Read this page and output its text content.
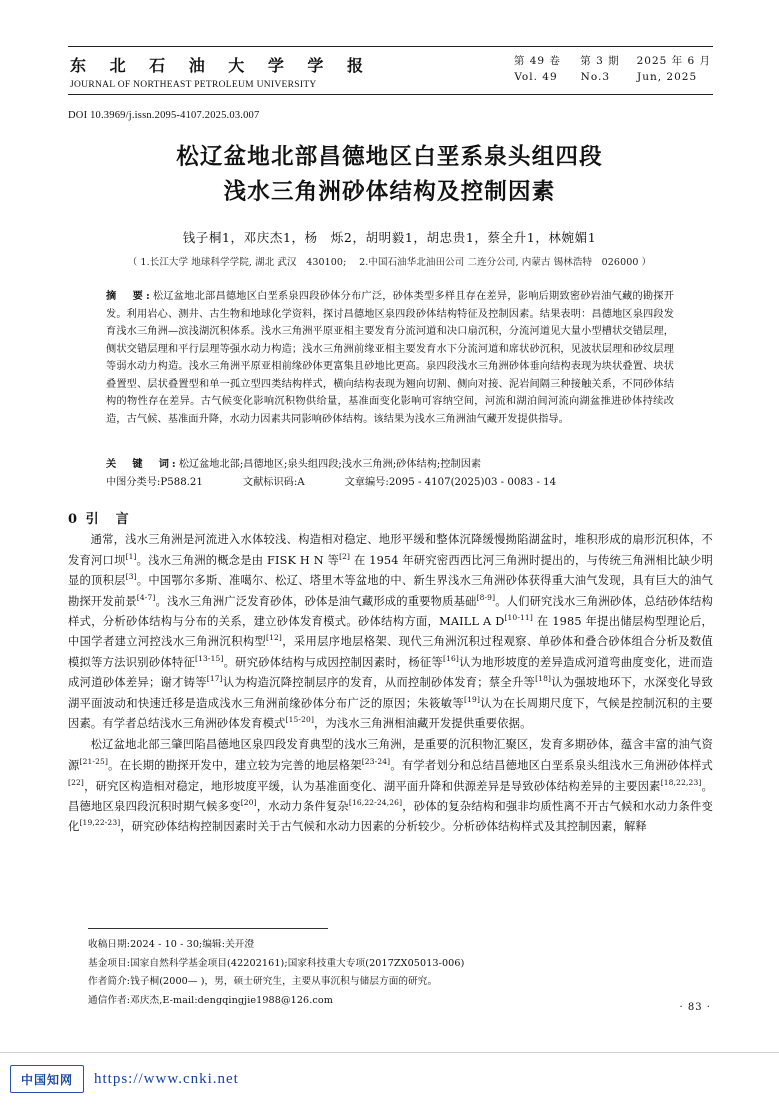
东 北 石 油 大 学 学 报
JOURNAL OF NORTHEAST PETROLEUM UNIVERSITY
第 49 卷 第 3 期 2025 年 6 月
Vol. 49 No.3	Jun, 2025
DOI 10.3969/j.issn.2095-4107.2025.03.007
松辽盆地北部昌德地区白垩系泉头组四段
浅水三角洲砂体结构及控制因素
钱子桐1，邓庆杰1，杨　烁2，胡明毅1，胡忠贵1，蔡全升1，林婉媚1
（ 1.长江大学 地球科学学院, 湖北 武汉　430100;　 2.中国石油华北油田公司 二连分公司, 内蒙古 锡林浩特　026000 ）
摘　要:松辽盆地北部昌德地区白垩系泉四段砂体分布广泛，砂体类型多样且存在差异，影响后期致密砂岩油气藏的勘探开发。利用岩心、测井、古生物和地球化学资料，探讨昌德地区泉四段砂体结构特征及控制因素。结果表明：昌德地区泉四段发育浅水三角洲—滨浅湖沉积体系。浅水三角洲平原亚相主要发育分流河道和决口扇沉积，分流河道见大量小型槽状交错层理，侧状交错层理和平行层理等强水动力构造；浅水三角洲前缘亚相主要发育水下分流河道和席状砂沉积，见波状层理和砂纹层理等弱水动力构造。浅水三角洲平原亚相前缘砂体更富集且砂地比更高。泉四段浅水三角洲砂体垂向结构表现为块状叠置、块状叠置型、层状叠置型和单一孤立型四类结构样式，横向结构表现为翘向切割、侧向对接、泥岩间隔三种接触关系，不同砂体结构的物性存在差异。古气候变化影响沉积物供给量，基准面变化影响可容纳空间，河流和湖泊间河流向湖盆推进砂体持续改造，古气候、基准面升降，水动力因素共同影响砂体结构。该结果为浅水三角洲油气藏开发提供指导。
关　键　词:松辽盆地北部;昌德地区;泉头组四段;浅水三角洲;砂体结构;控制因素
中图分类号:P588.21	文献标识码:A	文章编号:2095 - 4107(2025)03 - 0083 - 14
0 引　言

通常，浅水三角洲是河流进入水体较浅、构造相对稳定、地形平缓和整体沉降缓慢拗陷湖盆时，堆积形成的扇形沉积体，不发育河口坝[1]。浅水三角洲的概念是由 FISK H N 等[2] 在 1954 年研究密西西比河三角洲时提出的，与传统三角洲相比缺少明显的顶积层[3]。中国鄂尔多斯、准噶尔、松辽、塔里木等盆地的中、新生界浅水三角洲砂体获得重大油气发现，具有巨大的油气勘探开发前景[4-7]。浅水三角洲广泛发育砂体，砂体是油气藏形成的重要物质基础[8-9]。人们研究浅水三角洲砂体，总结砂体结构样式，分析砂体结构与分布的关系，建立砂体发育模式。砂体结构方面，MAILL A D[10-11] 在 1985 年提出储层构型理论后，中国学者建立河控浅水三角洲沉积构型[12]，采用层序地层格架、现代三角洲沉积过程观察、单砂体和叠合砂体组合分析及数值模拟等方法识别砂体特征[13-15]。研究砂体结构与成因控制因素时，杨征等[16]认为地形坡度的差异造成河道弯曲度变化，进而造成河道砂体差异；谢才铸等[17]认为构造沉降控制层序的发育，从而控制砂体发育；蔡全升等[18]认为强坡地环下，水深变化导致湖平面波动和快速迁移是造成浅水三角洲前缘砂体分布广泛的原因；朱筱敏等[19]认为在长周期尺度下，气候是控制沉积的主要因素。有学者总结浅水三角洲砂体发育模式[15-20]，为浅水三角洲相油藏开发提供重要依据。

松辽盆地北部三肇凹陷昌德地区泉四段发育典型的浅水三角洲，是重要的沉积物汇聚区，发育多期砂体，蕴含丰富的油气资源[21-25]。在长期的勘探开发中，建立较为完善的地层格架[23-24]。有学者划分和总结昌德地区白垩系泉头组浅水三角洲砂体样式[22]，研究区构造相对稳定，地形坡度平缓，认为基准面变化、湖平面升降和供源差异是导致砂体结构差异的主要因素[18,22,23]。昌德地区泉四段沉积时期气候多变[20]，水动力条件复杂[16,22-24,26]，砂体的复杂结构和强非均质性离不开古气候和水动力条件变化[19,22-23]，研究砂体结构控制因素时关于古气候和水动力因素的分析较少。分析砂体结构样式及其控制因素，解释

收稿日期:2024 - 10 - 30;编辑:关开澄
基金项目:国家自然科学基金项目(42202161);国家科技重大专项(2017ZX05013-006)
作者简介:钱子桐(2000— )，男，硕士研究生，主要从事沉积与储层方面的研究。
通信作者:邓庆杰,E-mail:dengqingjie1988@126.com
· 83 ·
中国知网	https://www.cnki.net
